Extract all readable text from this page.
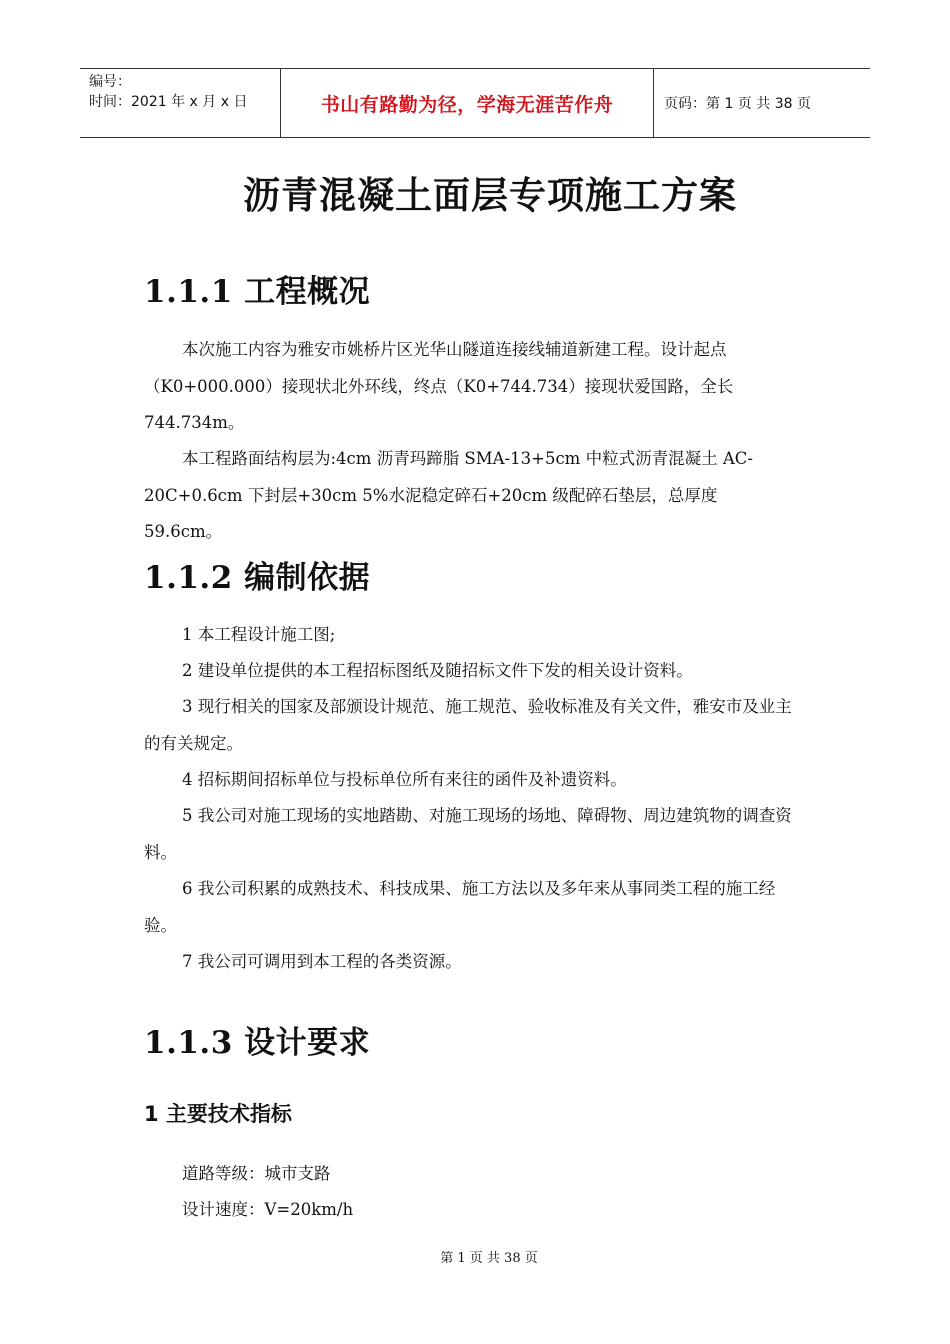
编号：
时间：2021 年 x 月 x 日	书山有路勤为径，学海无涯苦作舟	页码：第 1 页 共 38 页
沥青混凝土面层专项施工方案
1.1.1 工程概况
本次施工内容为雅安市姚桥片区光华山隧道连接线辅道新建工程。设计起点（K0+000.000）接现状北外环线，终点（K0+744.734）接现状爱国路，全长744.734m。
本工程路面结构层为:4cm 沥青玛蹄脂 SMA-13+5cm 中粒式沥青混凝土 AC-20C+0.6cm 下封层+30cm 5%水泥稳定碎石+20cm 级配碎石垫层，总厚度 59.6cm。
1.1.2 编制依据
1 本工程设计施工图;
2 建设单位提供的本工程招标图纸及随招标文件下发的相关设计资料。
3 现行相关的国家及部颁设计规范、施工规范、验收标准及有关文件，雅安市及业主的有关规定。
4 招标期间招标单位与投标单位所有来往的函件及补遗资料。
5 我公司对施工现场的实地踏勘、对施工现场的场地、障碍物、周边建筑物的调查资料。
6 我公司积累的成熟技术、科技成果、施工方法以及多年来从事同类工程的施工经验。
7 我公司可调用到本工程的各类资源。
1.1.3 设计要求
1 主要技术指标
道路等级：城市支路
设计速度：V=20km/h
第 1 页 共 38 页
